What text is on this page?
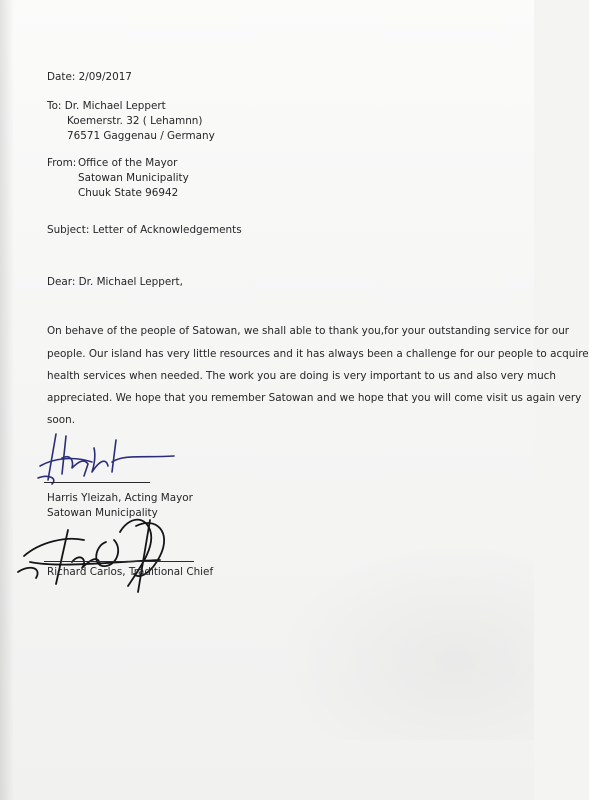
Date: 2/09/2017
To: Dr. Michael Leppert
Koemerstr. 32 ( Lehamnn)
76571 Gaggenau / Germany
From: Office of the Mayor
Satowan Municipality
Chuuk State 96942
Subject: Letter of Acknowledgements
Dear: Dr. Michael Leppert,
On behave of the people of Satowan, we shall able to thank you,for your outstanding service for our
people. Our island has very little resources and it has always been a challenge for our people to acquire
health services when needed. The work you are doing is very important to us and also very much
appreciated. We hope that you remember Satowan and we hope that you will come visit us again very
soon.
Harris Yleizah, Acting Mayor
Satowan Municipality
Richard Carlos, Traditional Chief
